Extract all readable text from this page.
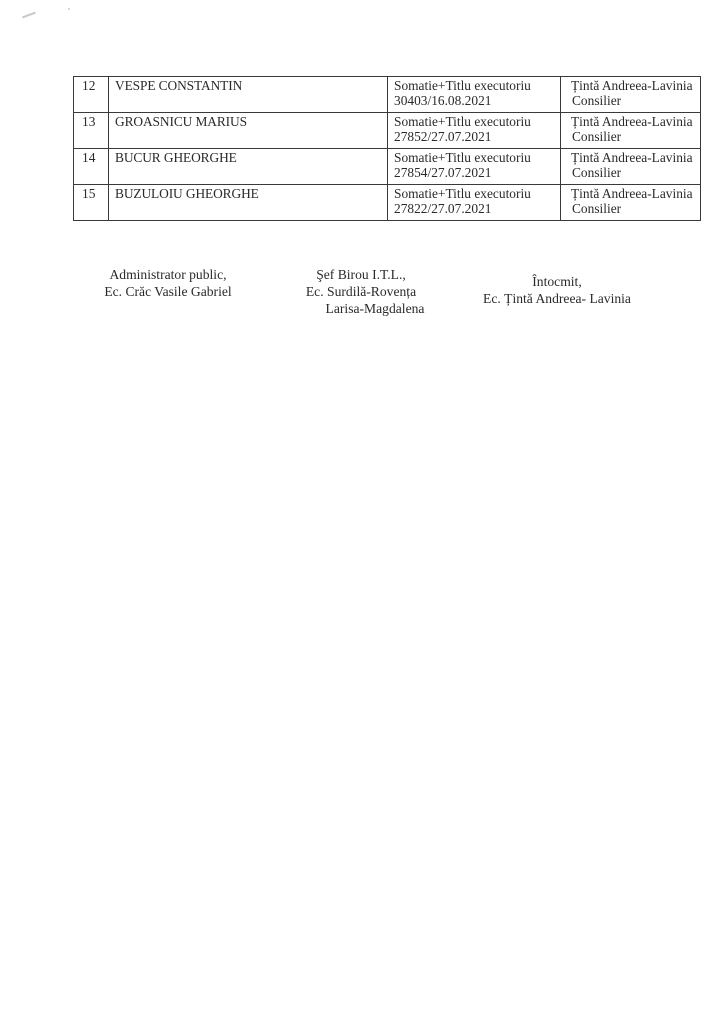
12	VESPE CONSTANTIN	Somatie+Titlu executoriu
30403/16.08.2021	Țintă Andreea-Lavinia
Consilier

13	GROASNICU MARIUS	Somatie+Titlu executoriu
27852/27.07.2021	Țintă Andreea-Lavinia
Consilier

14	BUCUR GHEORGHE	Somatie+Titlu executoriu
27854/27.07.2021	Țintă Andreea-Lavinia
Consilier

15	BUZULOIU GHEORGHE	Somatie+Titlu executoriu
27822/27.07.2021	Țintă Andreea-Lavinia
Consilier
Administrator public,
Ec. Crăc Vasile Gabriel
Şef Birou I.T.L.,
Ec. Surdilă-Rovența
Larisa-Magdalena
Întocmit,
Ec. Țintă Andreea- Lavinia
